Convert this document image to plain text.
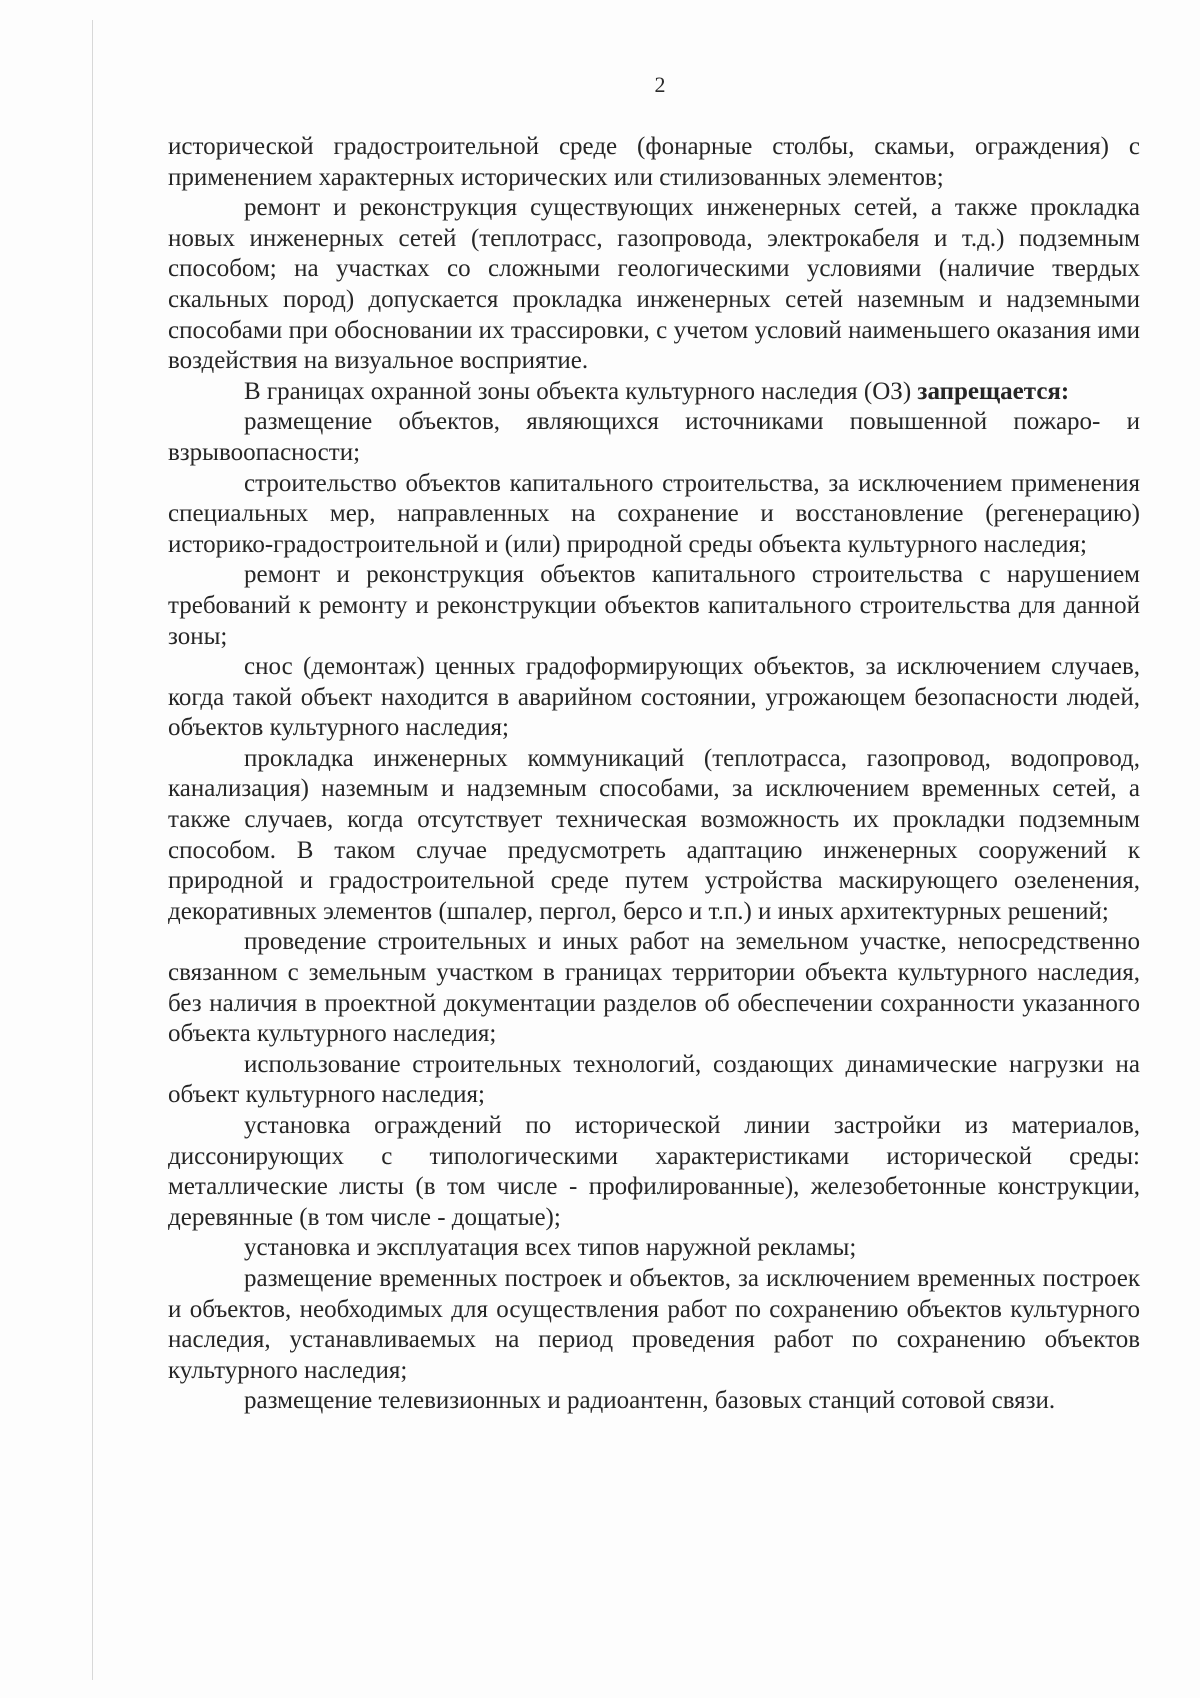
2

исторической градостроительной среде (фонарные столбы, скамьи, ограждения) с применением характерных исторических или стилизованных элементов;

ремонт и реконструкция существующих инженерных сетей, а также прокладка новых инженерных сетей (теплотрасс, газопровода, электрокабеля и т.д.) подземным способом; на участках со сложными геологическими условиями (наличие твердых скальных пород) допускается прокладка инженерных сетей наземным и надземными способами при обосновании их трассировки, с учетом условий наименьшего оказания ими воздействия на визуальное восприятие.

В границах охранной зоны объекта культурного наследия (ОЗ) запрещается:

размещение объектов, являющихся источниками повышенной пожаро- и взрывоопасности;

строительство объектов капитального строительства, за исключением применения специальных мер, направленных на сохранение и восстановление (регенерацию) историко-градостроительной и (или) природной среды объекта культурного наследия;

ремонт и реконструкция объектов капитального строительства с нарушением требований к ремонту и реконструкции объектов капитального строительства для данной зоны;

снос (демонтаж) ценных градоформирующих объектов, за исключением случаев, когда такой объект находится в аварийном состоянии, угрожающем безопасности людей, объектов культурного наследия;

прокладка инженерных коммуникаций (теплотрасса, газопровод, водопровод, канализация) наземным и надземным способами, за исключением временных сетей, а также случаев, когда отсутствует техническая возможность их прокладки подземным способом. В таком случае предусмотреть адаптацию инженерных сооружений к природной и градостроительной среде путем устройства маскирующего озеленения, декоративных элементов (шпалер, пергол, берсо и т.п.) и иных архитектурных решений;

проведение строительных и иных работ на земельном участке, непосредственно связанном с земельным участком в границах территории объекта культурного наследия, без наличия в проектной документации разделов об обеспечении сохранности указанного объекта культурного наследия;

использование строительных технологий, создающих динамические нагрузки на объект культурного наследия;

установка ограждений по исторической линии застройки из материалов, диссонирующих с типологическими характеристиками исторической среды: металлические листы (в том числе - профилированные), железобетонные конструкции, деревянные (в том числе - дощатые);

установка и эксплуатация всех типов наружной рекламы;

размещение временных построек и объектов, за исключением временных построек и объектов, необходимых для осуществления работ по сохранению объектов культурного наследия, устанавливаемых на период проведения работ по сохранению объектов культурного наследия;

размещение телевизионных и радиоантенн, базовых станций сотовой связи.
